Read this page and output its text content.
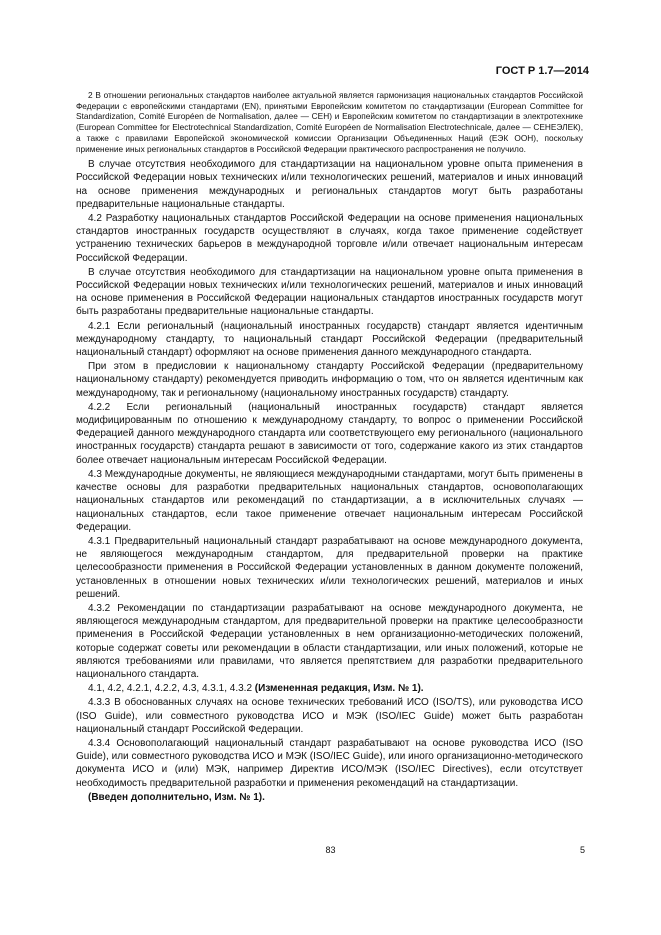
ГОСТ Р 1.7—2014

2 В отношении региональных стандартов наиболее актуальной является гармонизация национальных стандартов Российской Федерации с европейскими стандартами (EN), принятыми Европейским комитетом по стандартизации (European Committee for Standardization, Comité Européen de Normalisation, далее — CEH) и Европейским комитетом по стандартизации в электротехнике (European Committee for Electrotechnical Standardization, Comité Européen de Normalisation Electrotechnicale, далее — СЕНЕЭЛЕК), а также с правилами Европейской экономической комиссии Организации Объединенных Наций (ЕЭК ООН), поскольку применение иных региональных стандартов в Российской Федерации практического распространения не получило.

В случае отсутствия необходимого для стандартизации на национальном уровне опыта применения в Российской Федерации новых технических и/или технологических решений, материалов и иных инноваций на основе применения международных и региональных стандартов могут быть разработаны предварительные национальные стандарты.

4.2 Разработку национальных стандартов Российской Федерации на основе применения национальных стандартов иностранных государств осуществляют в случаях, когда такое применение содействует устранению технических барьеров в международной торговле и/или отвечает национальным интересам Российской Федерации.

В случае отсутствия необходимого для стандартизации на национальном уровне опыта применения в Российской Федерации новых технических и/или технологических решений, материалов и иных инноваций на основе применения в Российской Федерации национальных стандартов иностранных государств могут быть разработаны предварительные национальные стандарты.

4.2.1 Если региональный (национальный иностранных государств) стандарт является идентичным международному стандарту, то национальный стандарт Российской Федерации (предварительный национальный стандарт) оформляют на основе применения данного международного стандарта.

При этом в предисловии к национальному стандарту Российской Федерации (предварительному национальному стандарту) рекомендуется приводить информацию о том, что он является идентичным как международному, так и региональному (национальному иностранных государств) стандарту.

4.2.2 Если региональный (национальный иностранных государств) стандарт является модифицированным по отношению к международному стандарту, то вопрос о применении Российской Федерацией данного международного стандарта или соответствующего ему регионального (национального иностранных государств) стандарта решают в зависимости от того, содержание какого из этих стандартов более отвечает национальным интересам Российской Федерации.

4.3 Международные документы, не являющиеся международными стандартами, могут быть применены в качестве основы для разработки предварительных национальных стандартов, основополагающих национальных стандартов или рекомендаций по стандартизации, а в исключительных случаях — национальных стандартов, если такое применение отвечает национальным интересам Российской Федерации.

4.3.1 Предварительный национальный стандарт разрабатывают на основе международного документа, не являющегося международным стандартом, для предварительной проверки на практике целесообразности применения в Российской Федерации установленных в данном документе положений, установленных в отношении новых технических и/или технологических решений, материалов и иных решений.

4.3.2 Рекомендации по стандартизации разрабатывают на основе международного документа, не являющегося международным стандартом, для предварительной проверки на практике целесообразности применения в Российской Федерации установленных в нем организационно-методических положений, которые содержат советы или рекомендации в области стандартизации, или иных положений, которые не являются требованиями или правилами, что является препятствием для разработки предварительного национального стандарта.

4.1, 4.2, 4.2.1, 4.2.2, 4.3, 4.3.1, 4.3.2 (Измененная редакция, Изм. № 1).

4.3.3 В обоснованных случаях на основе технических требований ИСО (ISO/TS), или руководства ИСО (ISO Guide), или совместного руководства ИСО и МЭК (ISO/IEC Guide) может быть разработан национальный стандарт Российской Федерации.

4.3.4 Основополагающий национальный стандарт разрабатывают на основе руководства ИСО (ISO Guide), или совместного руководства ИСО и МЭК (ISO/IEC Guide), или иного организационно-методического документа ИСО и (или) МЭК, например Директив ИСО/МЭК (ISO/IEC Directives), если отсутствует необходимость предварительной разработки и применения рекомендаций на стандартизации.

(Введен дополнительно, Изм. № 1).

83	5
